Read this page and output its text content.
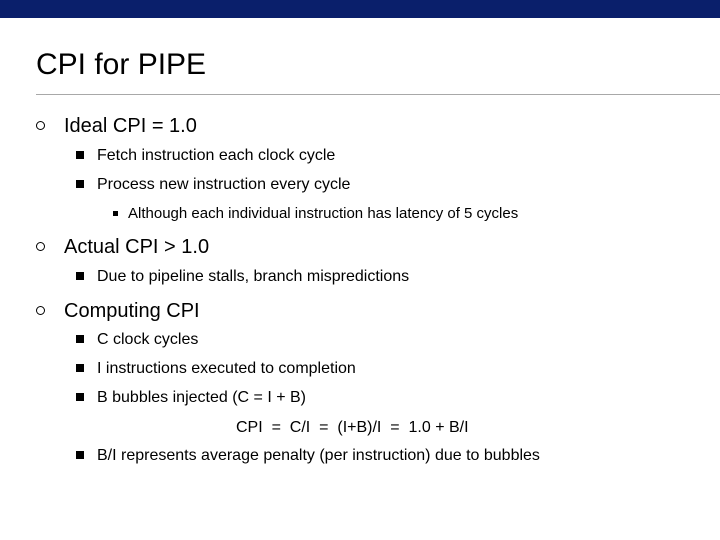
CPI for PIPE
Ideal CPI = 1.0
Fetch instruction each clock cycle
Process new instruction every cycle
Although each individual instruction has latency of 5 cycles
Actual CPI > 1.0
Due to pipeline stalls, branch mispredictions
Computing CPI
C clock cycles
I instructions executed to completion
B bubbles injected (C = I + B)
CPI  =  C/I  =  (I+B)/I  =  1.0 + B/I
B/I represents average penalty (per instruction) due to bubbles
